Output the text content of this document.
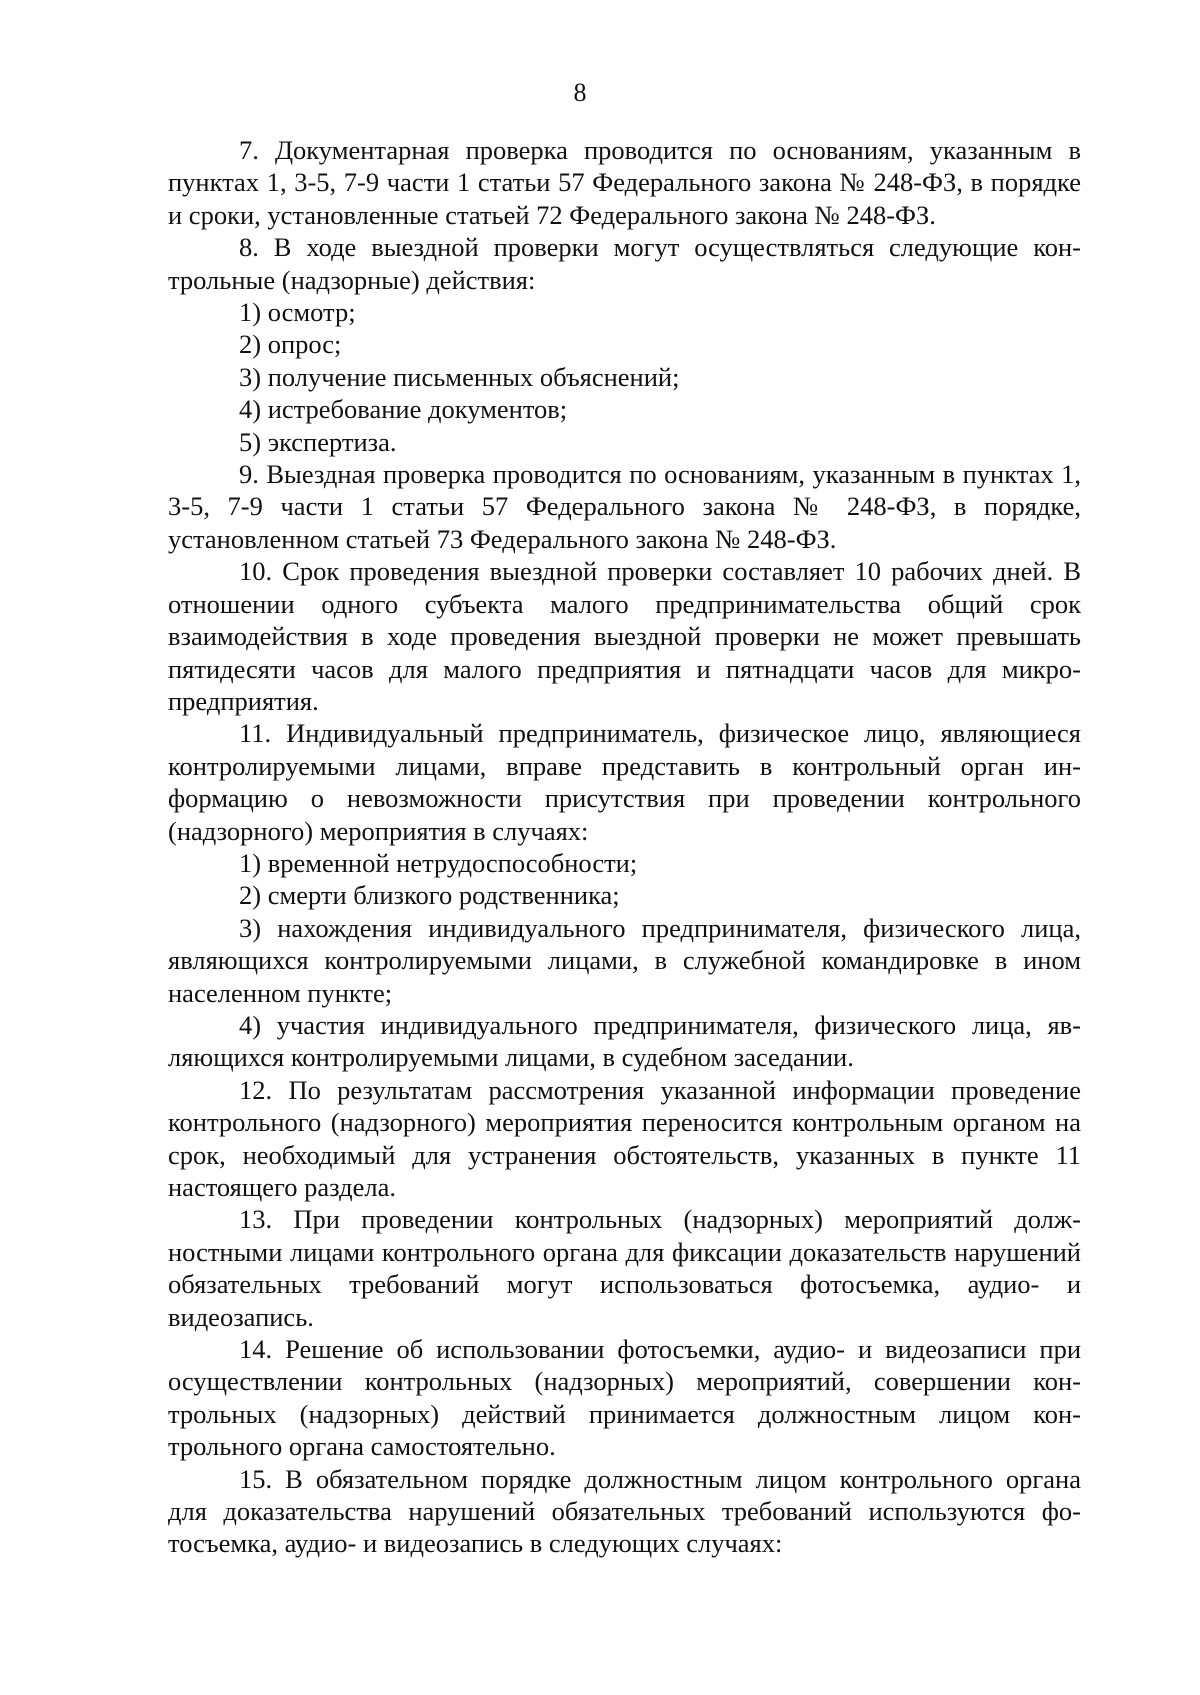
8

7. Документарная проверка проводится по основаниям, указанным в пунктах 1, 3-5, 7-9 части 1 статьи 57 Федерального закона № 248-ФЗ, в порядке и сроки, установленные статьей 72 Федерального закона № 248-ФЗ.

8. В ходе выездной проверки могут осуществляться следующие контрольные (надзорные) действия:

1) осмотр;

2) опрос;

3) получение письменных объяснений;

4) истребование документов;

5) экспертиза.

9. Выездная проверка проводится по основаниям, указанным в пунктах 1, 3-5, 7-9 части 1 статьи 57 Федерального закона № 248-ФЗ, в порядке, установленном статьей 73 Федерального закона № 248-ФЗ.

10. Срок проведения выездной проверки составляет 10 рабочих дней. В отношении одного субъекта малого предпринимательства общий срок взаимодействия в ходе проведения выездной проверки не может превышать пятидесяти часов для малого предприятия и пятнадцати часов для микропредприятия.

11. Индивидуальный предприниматель, физическое лицо, являющиеся контролируемыми лицами, вправе представить в контрольный орган информацию о невозможности присутствия при проведении контрольного (надзорного) мероприятия в случаях:

1) временной нетрудоспособности;

2) смерти близкого родственника;

3) нахождения индивидуального предпринимателя, физического лица, являющихся контролируемыми лицами, в служебной командировке в ином населенном пункте;

4) участия индивидуального предпринимателя, физического лица, являющихся контролируемыми лицами, в судебном заседании.

12. По результатам рассмотрения указанной информации проведение контрольного (надзорного) мероприятия переносится контрольным органом на срок, необходимый для устранения обстоятельств, указанных в пункте 11 настоящего раздела.

13. При проведении контрольных (надзорных) мероприятий должностными лицами контрольного органа для фиксации доказательств нарушений обязательных требований могут использоваться фотосъемка, аудио- и видеозапись.

14. Решение об использовании фотосъемки, аудио- и видеозаписи при осуществлении контрольных (надзорных) мероприятий, совершении контрольных (надзорных) действий принимается должностным лицом контрольного органа самостоятельно.

15. В обязательном порядке должностным лицом контрольного органа для доказательства нарушений обязательных требований используются фотосъемка, аудио- и видеозапись в следующих случаях:
